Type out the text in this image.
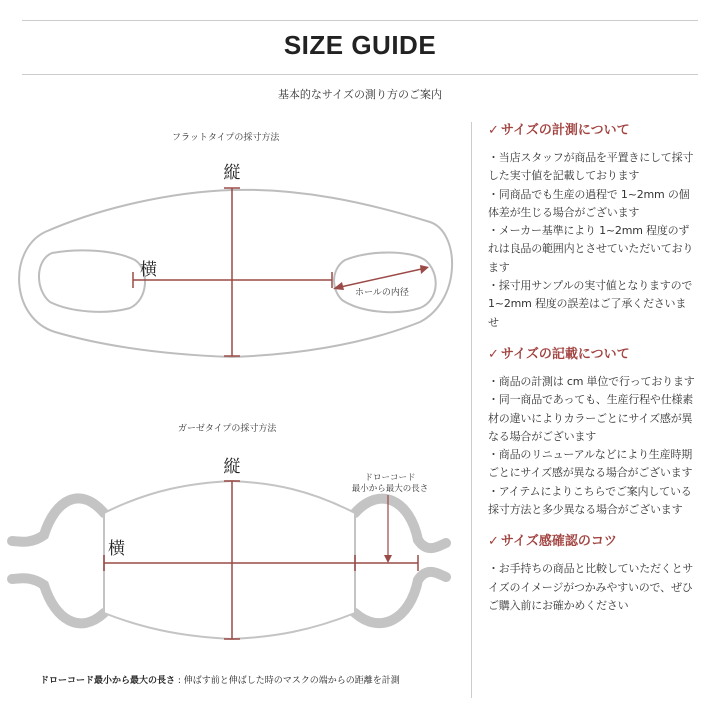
SIZE GUIDE
基本的なサイズの測り方のご案内
フラットタイプの採寸方法
縦
横
ホールの内径
ガーゼタイプの採寸方法
縦
横
ドローコード
最小から最大の長さ
ドローコード最小から最大の長さ : 伸ばす前と伸ばした時のマスクの端からの距離を計測

✓ サイズの計測について

・当店スタッフが商品を平置きにして採寸した実寸値を記載しております

・同商品でも生産の過程で 1~2mm の個体差が生じる場合がございます

・メーカー基準により 1~2mm 程度のずれは良品の範囲内とさせていただいております

・採寸用サンプルの実寸値となりますので 1~2mm 程度の誤差はご了承くださいませ

✓ サイズの記載について

・商品の計測は cm 単位で行っております

・同一商品であっても、生産行程や仕様素材の違いによりカラーごとにサイズ感が異なる場合がございます

・商品のリニューアルなどにより生産時期ごとにサイズ感が異なる場合がございます

・アイテムによりこちらでご案内している採寸方法と多少異なる場合がございます

✓ サイズ感確認のコツ

・お手持ちの商品と比較していただくとサイズのイメージがつかみやすいので、ぜひご購入前にお確かめください
